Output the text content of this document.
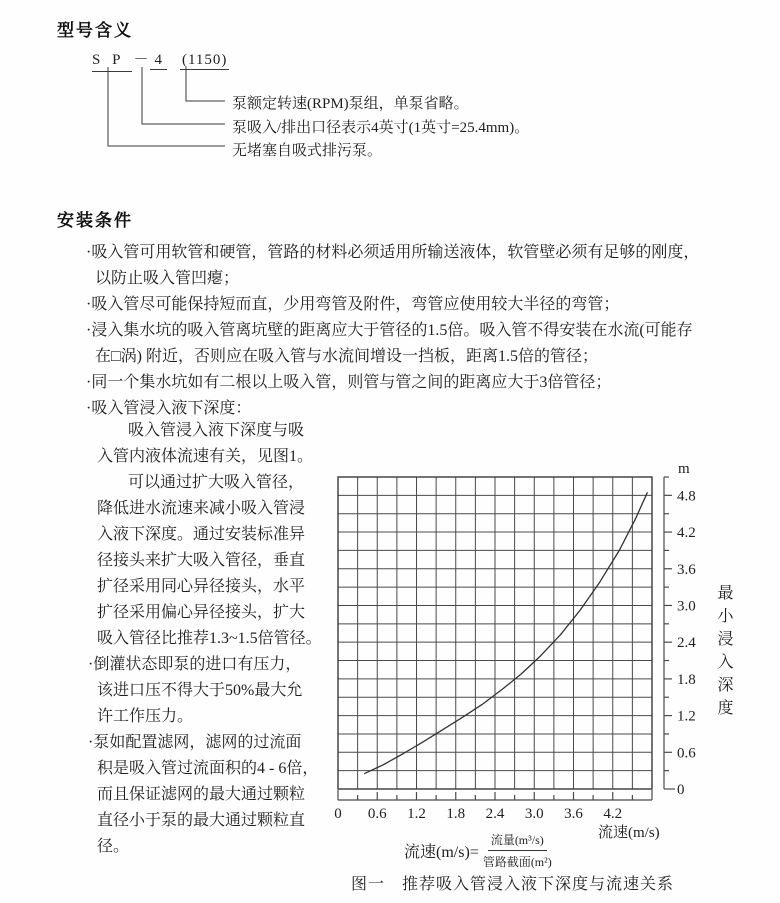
型号含义
S P － 4 (1150)
泵额定转速(RPM)泵组，单泵省略。
泵吸入/排出口径表示4英寸(1英寸=25.4mm)。
无堵塞自吸式排污泵。
安装条件
·吸入管可用软管和硬管，管路的材料必须适用所输送液体，软管壁必须有足够的刚度，
以防止吸入管凹瘪；
·吸入管尽可能保持短而直，少用弯管及附件，弯管应使用较大半径的弯管；
·浸入集水坑的吸入管离坑壁的距离应大于管径的1.5倍。吸入管不得安装在水流(可能存
在□涡) 附近，否则应在吸入管与水流间增设一挡板，距离1.5倍的管径；
·同一个集水坑如有二根以上吸入管，则管与管之间的距离应大于3倍管径；
·吸入管浸入液下深度：
吸入管浸入液下深度与吸
入管内液体流速有关，见图1。
可以通过扩大吸入管径，
降低进水流速来减小吸入管浸
入液下深度。通过安装标准异
径接头来扩大吸入管径，垂直
扩径采用同心异径接头，水平
扩径采用偏心异径接头，扩大
吸入管径比推荐1.3~1.5倍管径。
·倒灌状态即泵的进口有压力，
该进口压不得大于50%最大允
许工作压力。
·泵如配置滤网，滤网的过流面
积是吸入管过流面积的4 - 6倍，
而且保证滤网的最大通过颗粒
直径小于泵的最大通过颗粒直
径。
0
0.6
1.2
1.8
2.4
3.0
3.6
4.2
4.8
m
0 0.6 1.2 1.8 2.4 3.0 3.6 4.2
流速(m/s)
最小浸入深度
流速$(m/s)= \frac{\text{流量(m³/s)}}{\text{管路截面(m²)}}$
图一　推荐吸入管浸入液下深度与流速关系
